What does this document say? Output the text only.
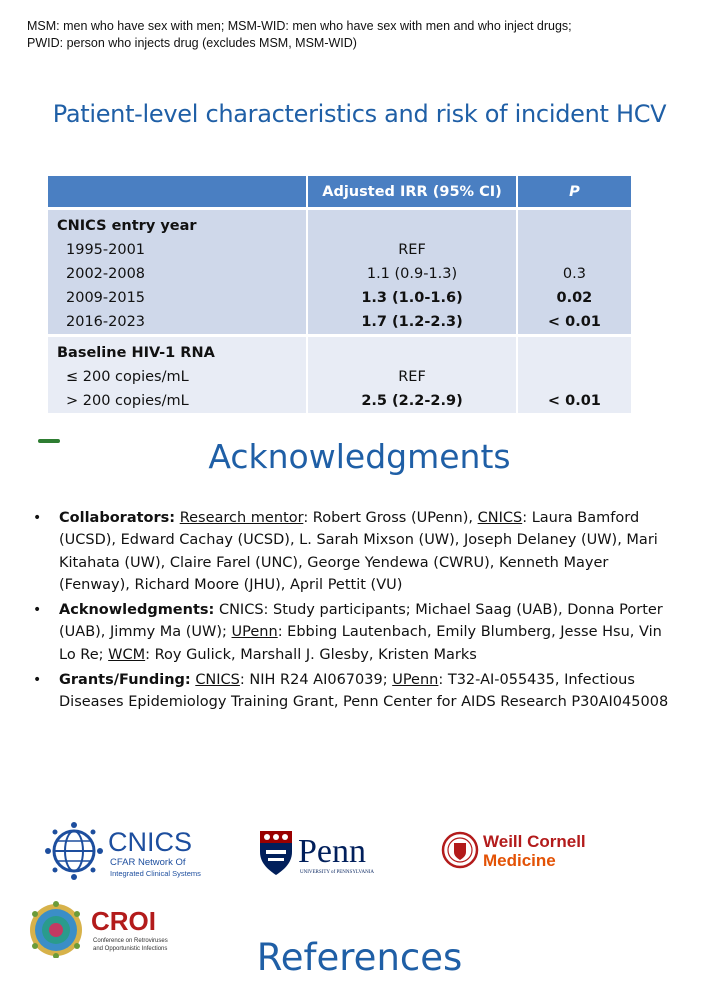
MSM: men who have sex with men; MSM-WID: men who have sex with men and who inject drugs;
PWID: person who injects drug (excludes MSM, MSM-WID)
Patient-level characteristics and risk of incident HCV
	Adjusted IRR (95% CI)	P
CNICS entry year		
1995-2001	REF	
2002-2008	1.1 (0.9-1.3)	0.3
2009-2015	1.3 (1.0-1.6)	0.02
2016-2023	1.7 (1.2-2.3)	< 0.01
Baseline HIV-1 RNA		
≤ 200 copies/mL	REF	
> 200 copies/mL	2.5 (2.2-2.9)	< 0.01
Acknowledgments
• Collaborators: Research mentor: Robert Gross (UPenn), CNICS: Laura Bamford (UCSD), Edward Cachay (UCSD), L. Sarah Mixson (UW), Joseph Delaney (UW), Mari Kitahata (UW), Claire Farel (UNC), George Yendewa (CWRU), Kenneth Mayer (Fenway), Richard Moore (JHU), April Pettit (VU)
• Acknowledgments: CNICS: Study participants; Michael Saag (UAB), Donna Porter (UAB), Jimmy Ma (UW); UPenn: Ebbing Lautenbach, Emily Blumberg, Jesse Hsu, Vin Lo Re; WCM: Roy Gulick, Marshall J. Glesby, Kristen Marks
• Grants/Funding: CNICS: NIH R24 AI067039; UPenn: T32-AI-055435, Infectious Diseases Epidemiology Training Grant, Penn Center for AIDS Research P30AI045008
CNICS
CFAR Network Of
Integrated Clinical Systems
Penn
UNIVERSITY of PENNSYLVANIA
Weill Cornell
Medicine
CROI
Conference on Retroviruses
and Opportunistic Infections	References
